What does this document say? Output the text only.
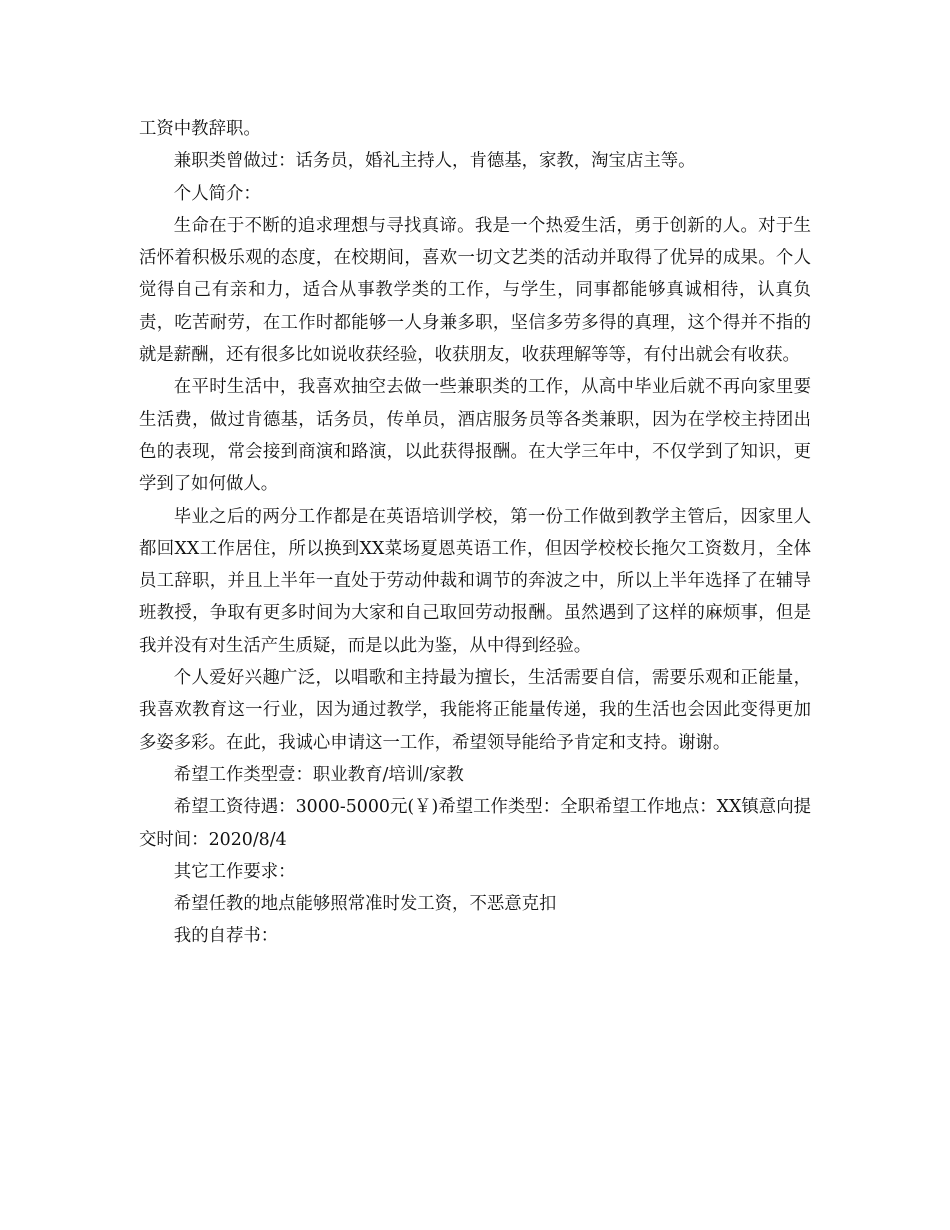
工资中教辞职。

兼职类曾做过：话务员，婚礼主持人，肯德基，家教，淘宝店主等。

个人简介：

生命在于不断的追求理想与寻找真谛。我是一个热爱生活，勇于创新的人。对于生活怀着积极乐观的态度，在校期间，喜欢一切文艺类的活动并取得了优异的成果。个人觉得自己有亲和力，适合从事教学类的工作，与学生，同事都能够真诚相待，认真负责，吃苦耐劳，在工作时都能够一人身兼多职，坚信多劳多得的真理，这个得并不指的就是薪酬，还有很多比如说收获经验，收获朋友，收获理解等等，有付出就会有收获。

在平时生活中，我喜欢抽空去做一些兼职类的工作，从高中毕业后就不再向家里要生活费，做过肯德基，话务员，传单员，酒店服务员等各类兼职，因为在学校主持团出色的表现，常会接到商演和路演，以此获得报酬。在大学三年中，不仅学到了知识，更学到了如何做人。

毕业之后的两分工作都是在英语培训学校，第一份工作做到教学主管后，因家里人都回XX工作居住，所以换到XX菜场夏恩英语工作，但因学校校长拖欠工资数月，全体员工辞职，并且上半年一直处于劳动仲裁和调节的奔波之中，所以上半年选择了在辅导班教授，争取有更多时间为大家和自己取回劳动报酬。虽然遇到了这样的麻烦事，但是我并没有对生活产生质疑，而是以此为鉴，从中得到经验。

个人爱好兴趣广泛，以唱歌和主持最为擅长，生活需要自信，需要乐观和正能量，我喜欢教育这一行业，因为通过教学，我能将正能量传递，我的生活也会因此变得更加多姿多彩。在此，我诚心申请这一工作，希望领导能给予肯定和支持。谢谢。

希望工作类型壹：职业教育/培训/家教

希望工资待遇：3000-5000元(￥)希望工作类型：全职希望工作地点：XX镇意向提交时间：2020/8/4

其它工作要求：

希望任教的地点能够照常准时发工资，不恶意克扣

我的自荐书：
